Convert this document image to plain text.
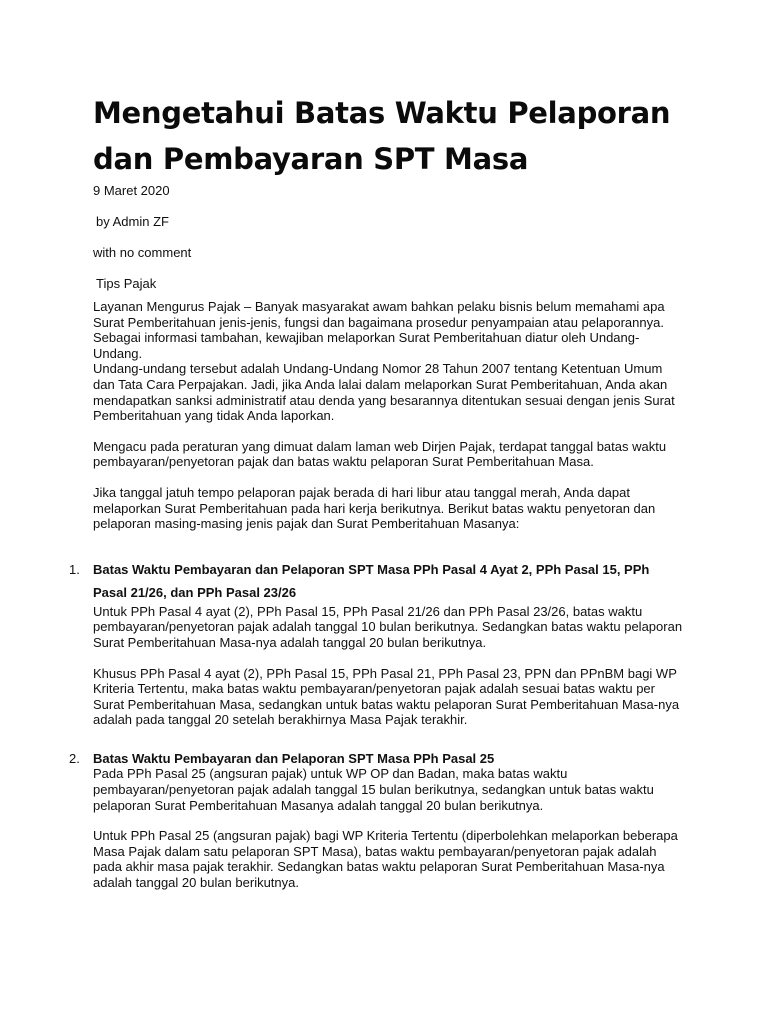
Mengetahui Batas Waktu Pelaporan dan Pembayaran SPT Masa

9 Maret 2020

by Admin ZF

with no comment

Tips Pajak

Layanan Mengurus Pajak – Banyak masyarakat awam bahkan pelaku bisnis belum memahami apa Surat Pemberitahuan jenis-jenis, fungsi dan bagaimana prosedur penyampaian atau pelaporannya. Sebagai informasi tambahan, kewajiban melaporkan Surat Pemberitahuan diatur oleh Undang-Undang.

Undang-undang tersebut adalah Undang-Undang Nomor 28 Tahun 2007 tentang Ketentuan Umum dan Tata Cara Perpajakan. Jadi, jika Anda lalai dalam melaporkan Surat Pemberitahuan, Anda akan mendapatkan sanksi administratif atau denda yang besarannya ditentukan sesuai dengan jenis Surat Pemberitahuan yang tidak Anda laporkan.

Mengacu pada peraturan yang dimuat dalam laman web Dirjen Pajak, terdapat tanggal batas waktu pembayaran/penyetoran pajak dan batas waktu pelaporan Surat Pemberitahuan Masa.

Jika tanggal jatuh tempo pelaporan pajak berada di hari libur atau tanggal merah, Anda dapat melaporkan Surat Pemberitahuan pada hari kerja berikutnya. Berikut batas waktu penyetoran dan pelaporan masing-masing jenis pajak dan Surat Pemberitahuan Masanya:

1.	Batas Waktu Pembayaran dan Pelaporan SPT Masa PPh Pasal 4 Ayat 2, PPh Pasal 15, PPh Pasal 21/26, dan PPh Pasal 23/26

Untuk PPh Pasal 4 ayat (2), PPh Pasal 15, PPh Pasal 21/26 dan PPh Pasal 23/26, batas waktu pembayaran/penyetoran pajak adalah tanggal 10 bulan berikutnya. Sedangkan batas waktu pelaporan Surat Pemberitahuan Masa-nya adalah tanggal 20 bulan berikutnya.

Khusus PPh Pasal 4 ayat (2), PPh Pasal 15, PPh Pasal 21, PPh Pasal 23, PPN dan PPnBM bagi WP Kriteria Tertentu, maka batas waktu pembayaran/penyetoran pajak adalah sesuai batas waktu per Surat Pemberitahuan Masa, sedangkan untuk batas waktu pelaporan Surat Pemberitahuan Masa-nya adalah pada tanggal 20 setelah berakhirnya Masa Pajak terakhir.

2.	Batas Waktu Pembayaran dan Pelaporan SPT Masa PPh Pasal 25

Pada PPh Pasal 25 (angsuran pajak) untuk WP OP dan Badan, maka batas waktu pembayaran/penyetoran pajak adalah tanggal 15 bulan berikutnya, sedangkan untuk batas waktu pelaporan Surat Pemberitahuan Masanya adalah tanggal 20 bulan berikutnya.

Untuk PPh Pasal 25 (angsuran pajak) bagi WP Kriteria Tertentu (diperbolehkan melaporkan beberapa Masa Pajak dalam satu pelaporan SPT Masa), batas waktu pembayaran/penyetoran pajak adalah pada akhir masa pajak terakhir. Sedangkan batas waktu pelaporan Surat Pemberitahuan Masa-nya adalah tanggal 20 bulan berikutnya.
